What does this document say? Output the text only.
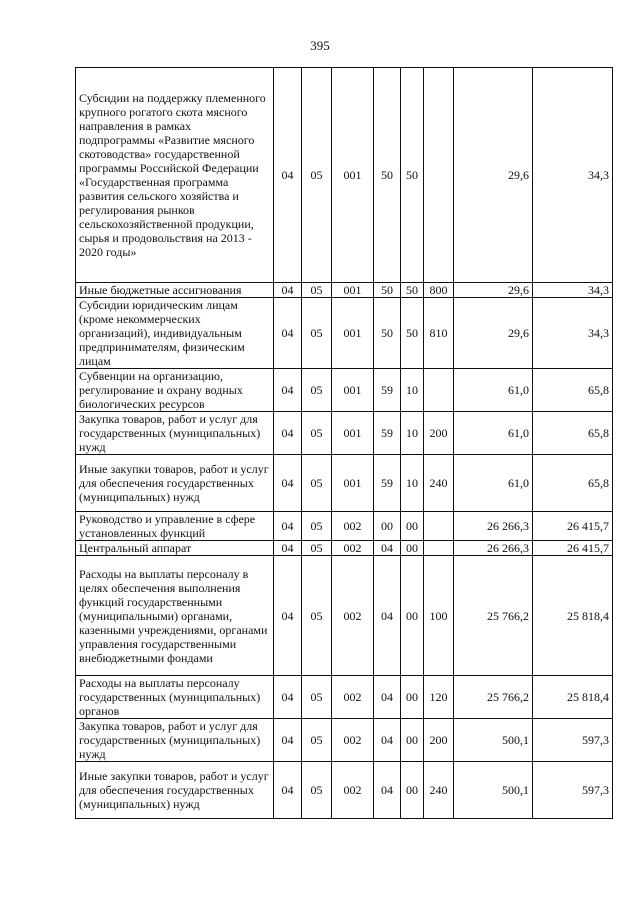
395
Субсидии на поддержку племенного крупного рогатого скота мясного направления в рамках подпрограммы «Развитие мясного скотоводства» государственной программы Российской Федерации «Государственная программа развития сельского хозяйства и регулирования рынков сельскохозяйственной продукции, сырья и продовольствия на 2013 - 2020 годы»	04	05	001	50	50		29,6	34,3
Иные бюджетные ассигнования	04	05	001	50	50	800	29,6	34,3
Субсидии юридическим лицам (кроме некоммерческих организаций), индивидуальным предпринимателям, физическим лицам	04	05	001	50	50	810	29,6	34,3
Субвенции на организацию, регулирование и охрану водных биологических ресурсов	04	05	001	59	10		61,0	65,8
Закупка товаров, работ и услуг для государственных (муниципальных) нужд	04	05	001	59	10	200	61,0	65,8
Иные закупки товаров, работ и услуг для обеспечения государственных (муниципальных) нужд	04	05	001	59	10	240	61,0	65,8
Руководство и управление в сфере установленных функций	04	05	002	00	00		26 266,3	26 415,7
Центральный аппарат	04	05	002	04	00		26 266,3	26 415,7
Расходы на выплаты персоналу в целях обеспечения выполнения функций государственными (муниципальными) органами, казенными учреждениями, органами управления государственными внебюджетными фондами	04	05	002	04	00	100	25 766,2	25 818,4
Расходы на выплаты персоналу государственных (муниципальных) органов	04	05	002	04	00	120	25 766,2	25 818,4
Закупка товаров, работ и услуг для государственных (муниципальных) нужд	04	05	002	04	00	200	500,1	597,3
Иные закупки товаров, работ и услуг для обеспечения государственных (муниципальных) нужд	04	05	002	04	00	240	500,1	597,3
